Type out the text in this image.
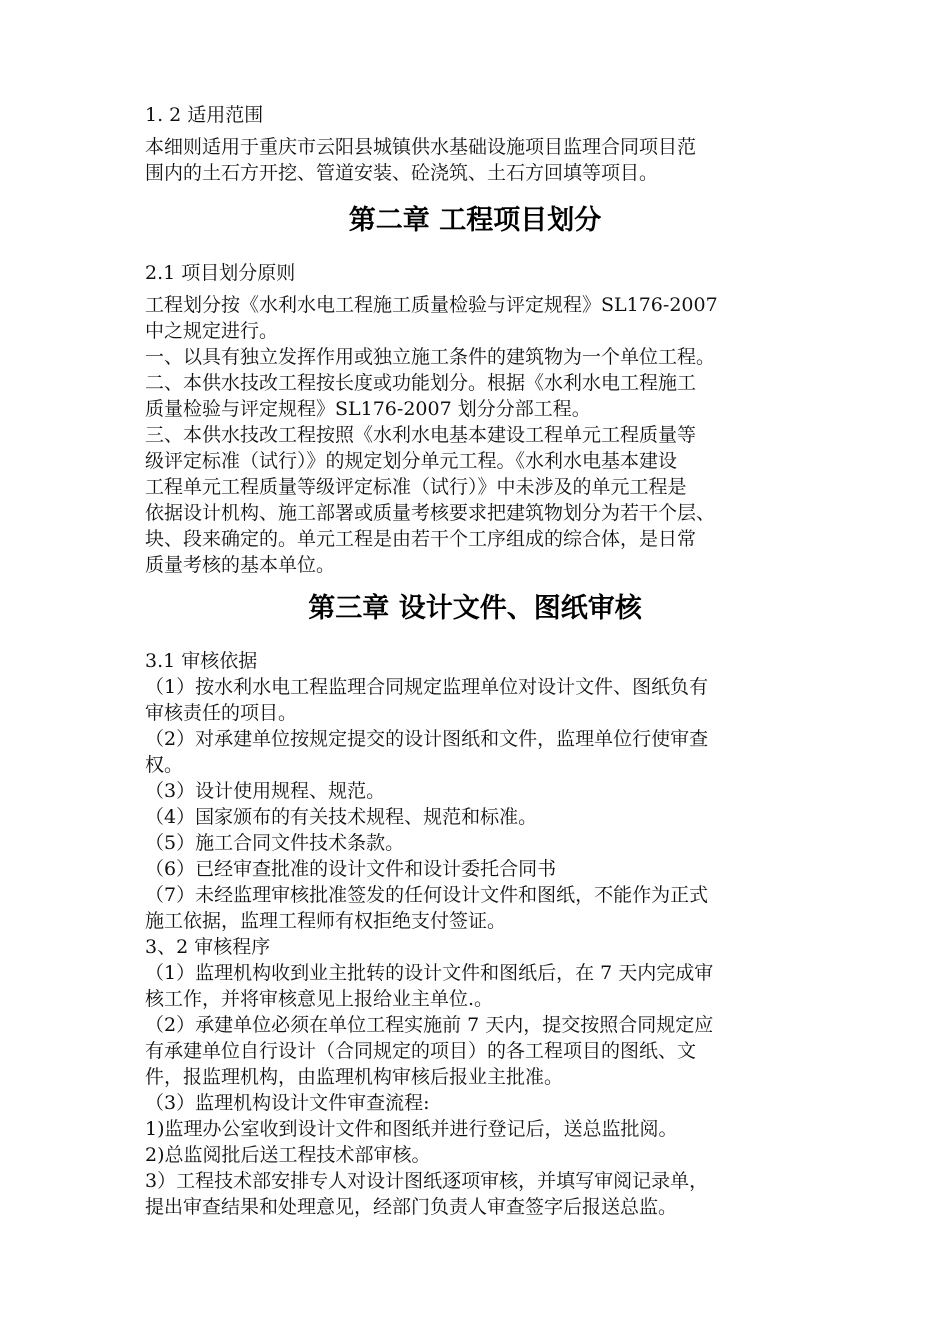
1. 2 适用范围
本细则适用于重庆市云阳县城镇供水基础设施项目监理合同项目范
围内的土石方开挖、管道安装、砼浇筑、土石方回填等项目。
第二章 工程项目划分
2.1 项目划分原则
工程划分按《水利水电工程施工质量检验与评定规程》SL176-2007
中之规定进行。
一、以具有独立发挥作用或独立施工条件的建筑物为一个单位工程。
二、本供水技改工程按长度或功能划分。根据《水利水电工程施工
质量检验与评定规程》SL176-2007 划分分部工程。
三、本供水技改工程按照《水利水电基本建设工程单元工程质量等
级评定标准（试行）》的规定划分单元工程。《水利水电基本建设
工程单元工程质量等级评定标准（试行）》中未涉及的单元工程是
依据设计机构、施工部署或质量考核要求把建筑物划分为若干个层、
块、段来确定的。单元工程是由若干个工序组成的综合体，是日常
质量考核的基本单位。
第三章 设计文件、图纸审核
3.1 审核依据
（1）按水利水电工程监理合同规定监理单位对设计文件、图纸负有
审核责任的项目。
（2）对承建单位按规定提交的设计图纸和文件，监理单位行使审查
权。
（3）设计使用规程、规范。
（4）国家颁布的有关技术规程、规范和标准。
（5）施工合同文件技术条款。
（6）已经审查批准的设计文件和设计委托合同书
（7）未经监理审核批准签发的任何设计文件和图纸，不能作为正式
施工依据，监理工程师有权拒绝支付签证。
3、2 审核程序
（1）监理机构收到业主批转的设计文件和图纸后，在 7 天内完成审
核工作，并将审核意见上报给业主单位.。
（2）承建单位必须在单位工程实施前 7 天内，提交按照合同规定应
有承建单位自行设计（合同规定的项目）的各工程项目的图纸、文
件，报监理机构，由监理机构审核后报业主批准。
（3）监理机构设计文件审查流程:
1)监理办公室收到设计文件和图纸并进行登记后，送总监批阅。
2)总监阅批后送工程技术部审核。
3）工程技术部安排专人对设计图纸逐项审核，并填写审阅记录单，
提出审查结果和处理意见，经部门负责人审查签字后报送总监。
